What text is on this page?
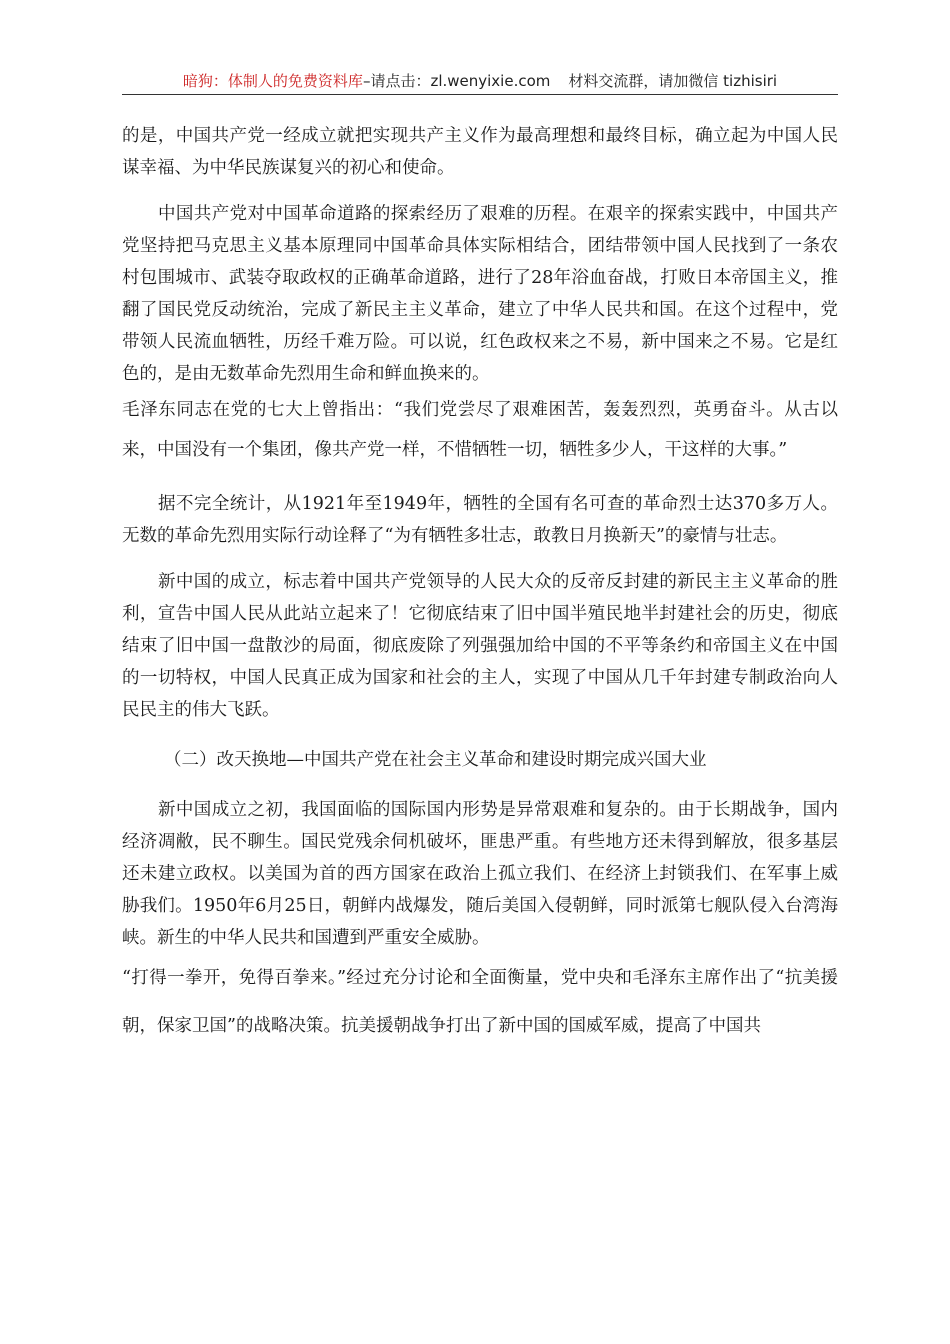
暗狗：体制人的免费资料库–请点击：zl.wenyixie.com 材料交流群，请加微信 tizhisiri

的是，中国共产党一经成立就把实现共产主义作为最高理想和最终目标，确立起为中国人民谋幸福、为中华民族谋复兴的初心和使命。

中国共产党对中国革命道路的探索经历了艰难的历程。在艰辛的探索实践中，中国共产党坚持把马克思主义基本原理同中国革命具体实际相结合，团结带领中国人民找到了一条农村包围城市、武装夺取政权的正确革命道路，进行了28年浴血奋战，打败日本帝国主义，推翻了国民党反动统治，完成了新民主主义革命，建立了中华人民共和国。在这个过程中，党带领人民流血牺牲，历经千难万险。可以说，红色政权来之不易，新中国来之不易。它是红色的，是由无数革命先烈用生命和鲜血换来的。

毛泽东同志在党的七大上曾指出：“我们党尝尽了艰难困苦，轰轰烈烈，英勇奋斗。从古以来，中国没有一个集团，像共产党一样，不惜牺牲一切，牺牲多少人，干这样的大事。”

据不完全统计，从1921年至1949年，牺牲的全国有名可查的革命烈士达370多万人。无数的革命先烈用实际行动诠释了“为有牺牲多壮志，敢教日月换新天”的豪情与壮志。

新中国的成立，标志着中国共产党领导的人民大众的反帝反封建的新民主主义革命的胜利，宣告中国人民从此站立起来了！它彻底结束了旧中国半殖民地半封建社会的历史，彻底结束了旧中国一盘散沙的局面，彻底废除了列强强加给中国的不平等条约和帝国主义在中国的一切特权，中国人民真正成为国家和社会的主人，实现了中国从几千年封建专制政治向人民民主的伟大飞跃。

（二）改天换地—中国共产党在社会主义革命和建设时期完成兴国大业

新中国成立之初，我国面临的国际国内形势是异常艰难和复杂的。由于长期战争，国内经济凋敝，民不聊生。国民党残余伺机破坏，匪患严重。有些地方还未得到解放，很多基层还未建立政权。以美国为首的西方国家在政治上孤立我们、在经济上封锁我们、在军事上威胁我们。1950年6月25日，朝鲜内战爆发，随后美国入侵朝鲜，同时派第七舰队侵入台湾海峡。新生的中华人民共和国遭到严重安全威胁。

“打得一拳开，免得百拳来。”经过充分讨论和全面衡量，党中央和毛泽东主席作出了“抗美援朝，保家卫国”的战略决策。抗美援朝战争打出了新中国的国威军威，提高了中国共
